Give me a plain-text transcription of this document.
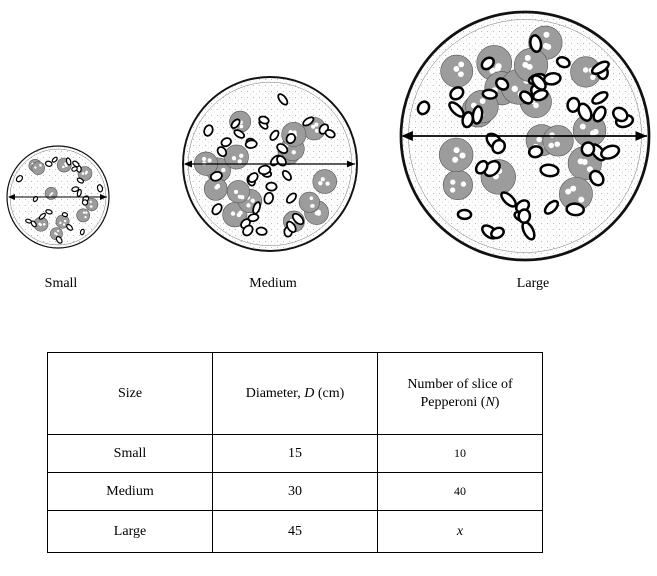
Small	Medium	Large
Size	Diameter, D (cm)	Number of slice of
Pepperoni (N)
Small	15	10
Medium	30	40
Large	45	x
